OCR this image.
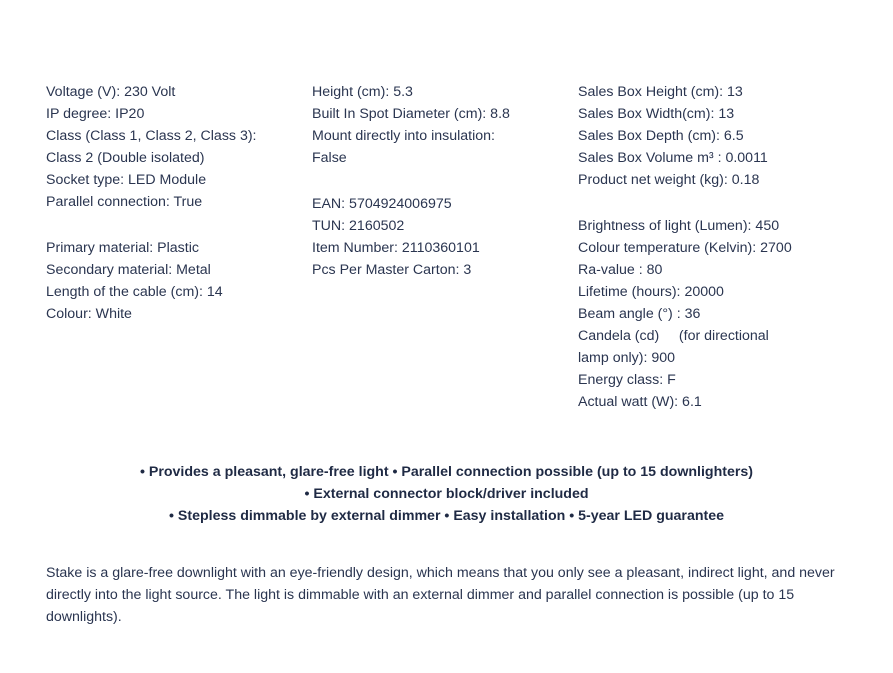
Voltage (V): 230 Volt
IP degree: IP20
Class (Class 1, Class 2, Class 3):
Class 2 (Double isolated)
Socket type: LED Module
Parallel connection: True
Primary material: Plastic
Secondary material: Metal
Length of the cable (cm): 14
Colour: White
Height (cm): 5.3
Built In Spot Diameter (cm): 8.8
Mount directly into insulation:
False
EAN: 5704924006975
TUN: 2160502
Item Number: 2110360101
Pcs Per Master Carton: 3
Sales Box Height (cm): 13
Sales Box Width(cm): 13
Sales Box Depth (cm): 6.5
Sales Box Volume m³ : 0.0011
Product net weight (kg): 0.18
Brightness of light (Lumen): 450
Colour temperature (Kelvin): 2700
Ra-value : 80
Lifetime (hours): 20000
Beam angle (°) : 36
Candela (cd)     (for directional
lamp only): 900
Energy class: F
Actual watt (W): 6.1
• Provides a pleasant, glare-free light • Parallel connection possible (up to 15 downlighters)
• External connector block/driver included
• Stepless dimmable by external dimmer • Easy installation • 5-year LED guarantee
Stake is a glare-free downlight with an eye-friendly design, which means that you only see a pleasant, indirect light, and never directly into the light source. The light is dimmable with an external dimmer and parallel connection is possible (up to 15 downlights).
